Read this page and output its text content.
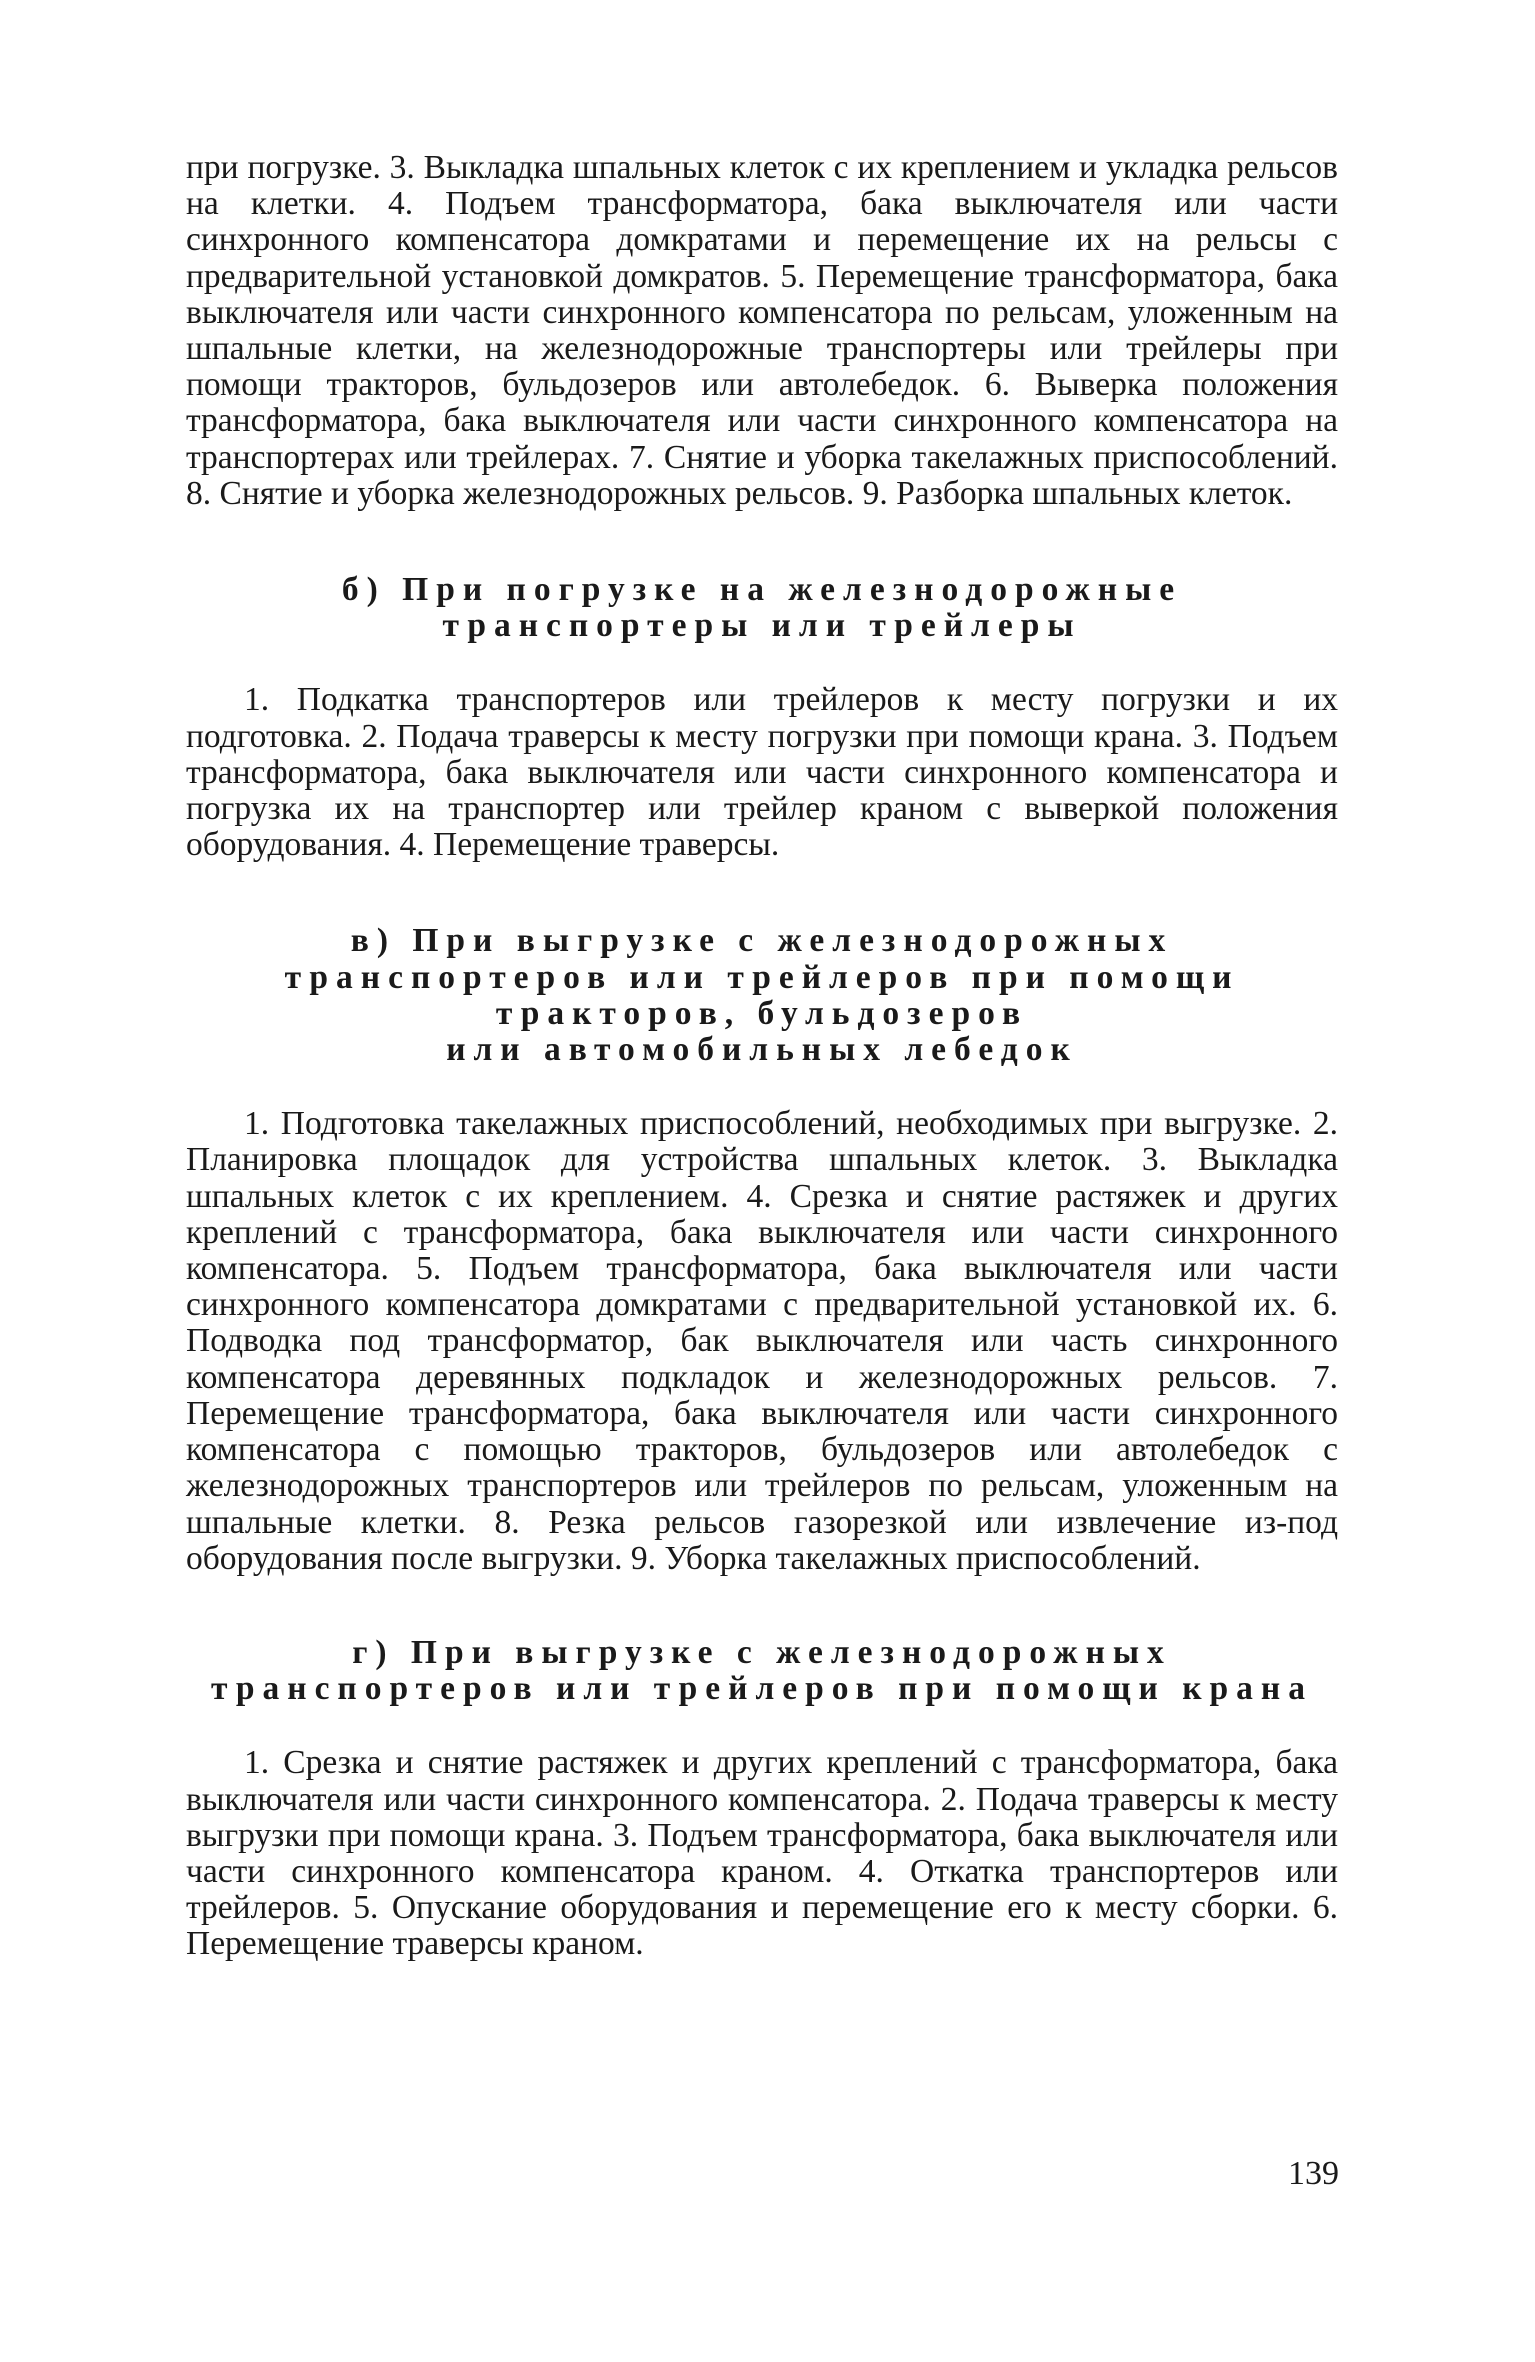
при погрузке. 3. Выкладка шпальных клеток с их креплением и укладка рельсов на клетки. 4. Подъем трансформатора, бака выключателя или части синхронного компенсатора домкратами и перемещение их на рельсы с предварительной установкой домкратов. 5. Перемещение трансформатора, бака выключателя или части синхронного компенсатора по рельсам, уложенным на шпальные клетки, на железнодорожные транспортеры или трейлеры при помощи тракторов, бульдозеров или автолебедок. 6. Выверка положения трансформатора, бака выключателя или части синхронного компенсатора на транспортерах или трейлерах. 7. Снятие и уборка такелажных приспособлений. 8. Снятие и уборка железнодорожных рельсов. 9. Разборка шпальных клеток.

б) При погрузке на железнодорожные
транспортеры или трейлеры

1. Подкатка транспортеров или трейлеров к месту погрузки и их подготовка. 2. Подача траверсы к месту погрузки при помощи крана. 3. Подъем трансформатора, бака выключателя или части синхронного компенсатора и погрузка их на транспортер или трейлер краном с выверкой положения оборудования. 4. Перемещение траверсы.

в) При выгрузке с железнодорожных
транспортеров или трейлеров при помощи
тракторов, бульдозеров
или автомобильных лебедок

1. Подготовка такелажных приспособлений, необходимых при выгрузке. 2. Планировка площадок для устройства шпальных клеток. 3. Выкладка шпальных клеток с их креплением. 4. Срезка и снятие растяжек и других креплений с трансформатора, бака выключателя или части синхронного компенсатора. 5. Подъем трансформатора, бака выключателя или части синхронного компенсатора домкратами с предварительной установкой их. 6. Подводка под трансформатор, бак выключателя или часть синхронного компенсатора деревянных подкладок и железнодорожных рельсов. 7. Перемещение трансформатора, бака выключателя или части синхронного компенсатора с помощью тракторов, бульдозеров или автолебедок с железнодорожных транспортеров или трейлеров по рельсам, уложенным на шпальные клетки. 8. Резка рельсов газорезкой или извлечение из-под оборудования после выгрузки. 9. Уборка такелажных приспособлений.

г) При выгрузке с железнодорожных
транспортеров или трейлеров при помощи крана

1. Срезка и снятие растяжек и других креплений с трансформатора, бака выключателя или части синхронного компенсатора. 2. Подача траверсы к месту выгрузки при помощи крана. 3. Подъем трансформатора, бака выключателя или части синхронного компенсатора краном. 4. Откатка транспортеров или трейлеров. 5. Опускание оборудования и перемещение его к месту сборки. 6. Перемещение траверсы краном.

139
